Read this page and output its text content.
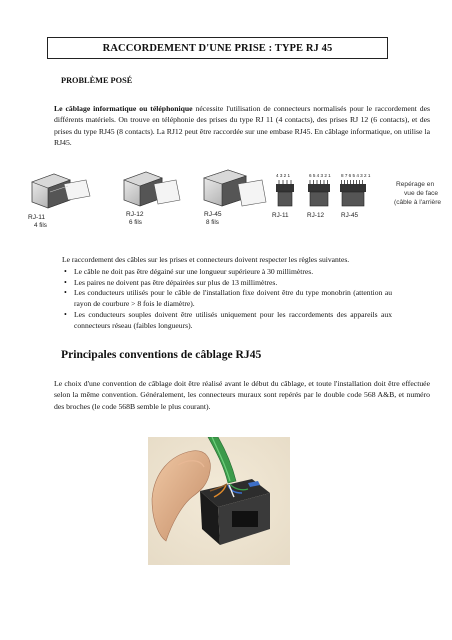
RACCORDEMENT D'UNE PRISE : TYPE RJ 45
PROBLÈME POSÉ
Le câblage informatique ou téléphonique nécessite l'utilisation de connecteurs normalisés pour le raccordement des différents matériels. On trouve en téléphonie des prises du type RJ 11 (4 contacts), des prises RJ 12 (6 contacts), et des prises du type RJ45 (8 contacts). La RJ12 peut être raccordée sur une embase RJ45. En câblage informatique, on utilise la RJ45.
RJ-11
4 fils
RJ-12
6 fils
RJ-45
8 fils
4 3 2 1	6 5 4 3 2 1 8 7 6 5 4 3 2 1
RJ-11	RJ-12	RJ-45
Repérage en
vue de face
(câble à l'arrière
Le raccordement des câbles sur les prises et connecteurs doivent respecter les règles suivantes.
• Le câble ne doit pas être dégainé sur une longueur supérieure à 30 millimètres.
• Les paires ne doivent pas être dépairées sur plus de 13 millimètres.
• Les conducteurs utilisés pour le câble de l'installation fixe doivent être du type monobrin (attention au rayon de courbure > 8 fois le diamètre).
• Les conducteurs souples doivent être utilisés uniquement pour les raccordements des appareils aux connecteurs réseau (faibles longueurs).
Principales conventions de câblage RJ45
Le choix d'une convention de câblage doit être réalisé avant le début du câblage, et toute l'installation doit être effectuée selon la même convention. Généralement, les connecteurs muraux sont repérés par le double code 568 A&B, et numéro des broches (le code 568B semble le plus courant).
